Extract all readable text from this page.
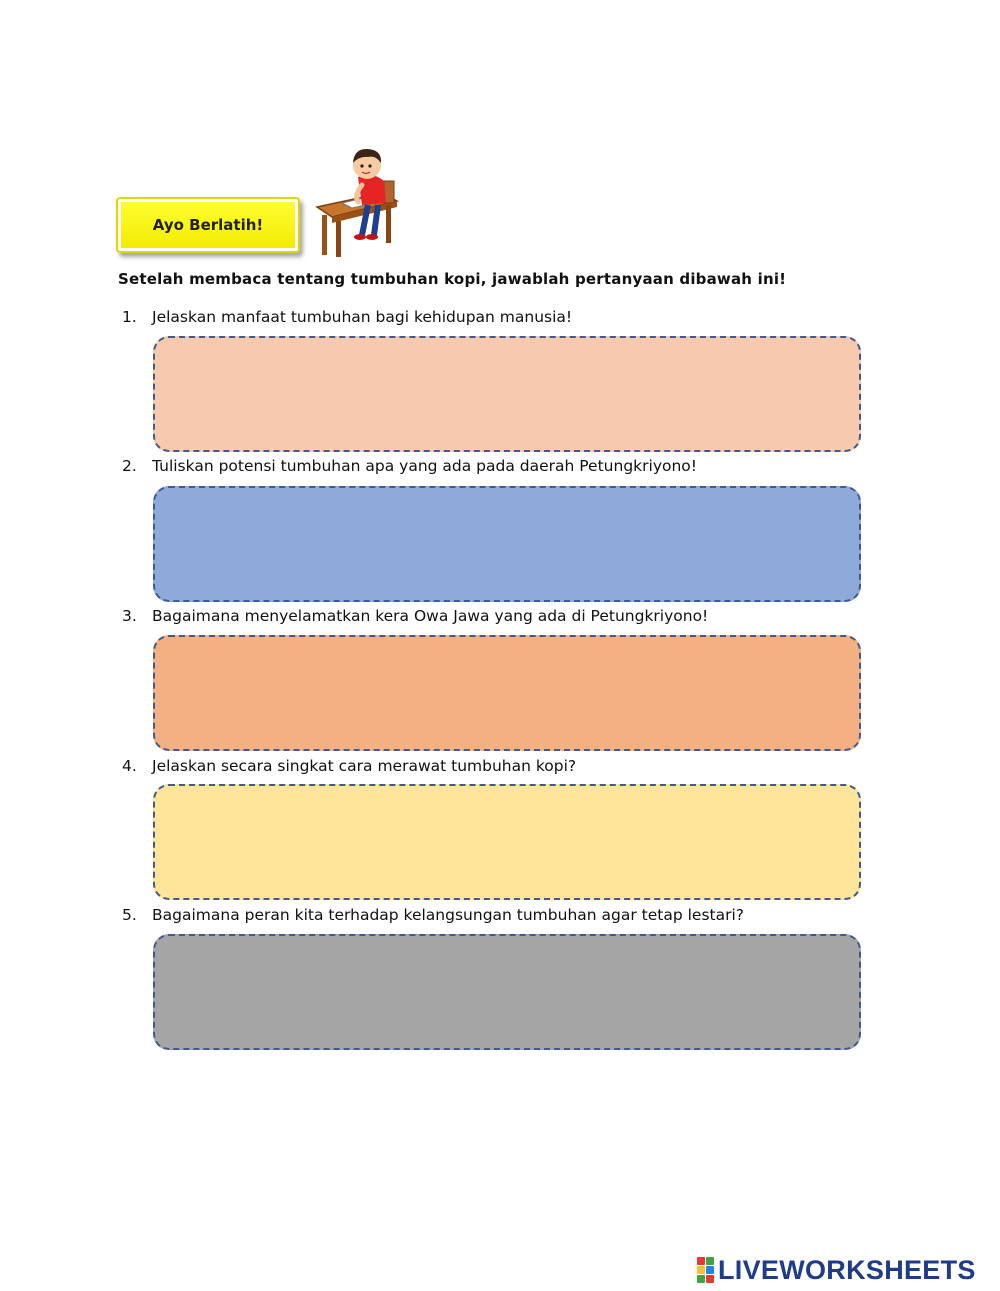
Ayo Berlatih!
Setelah membaca tentang tumbuhan kopi, jawablah pertanyaan dibawah ini!
1. Jelaskan manfaat tumbuhan bagi kehidupan manusia!
2. Tuliskan potensi tumbuhan apa yang ada pada daerah Petungkriyono!
3. Bagaimana menyelamatkan kera Owa Jawa yang ada di Petungkriyono!
4. Jelaskan secara singkat cara merawat tumbuhan kopi?
5. Bagaimana peran kita terhadap kelangsungan tumbuhan agar tetap lestari?
LIVEWORKSHEETS
